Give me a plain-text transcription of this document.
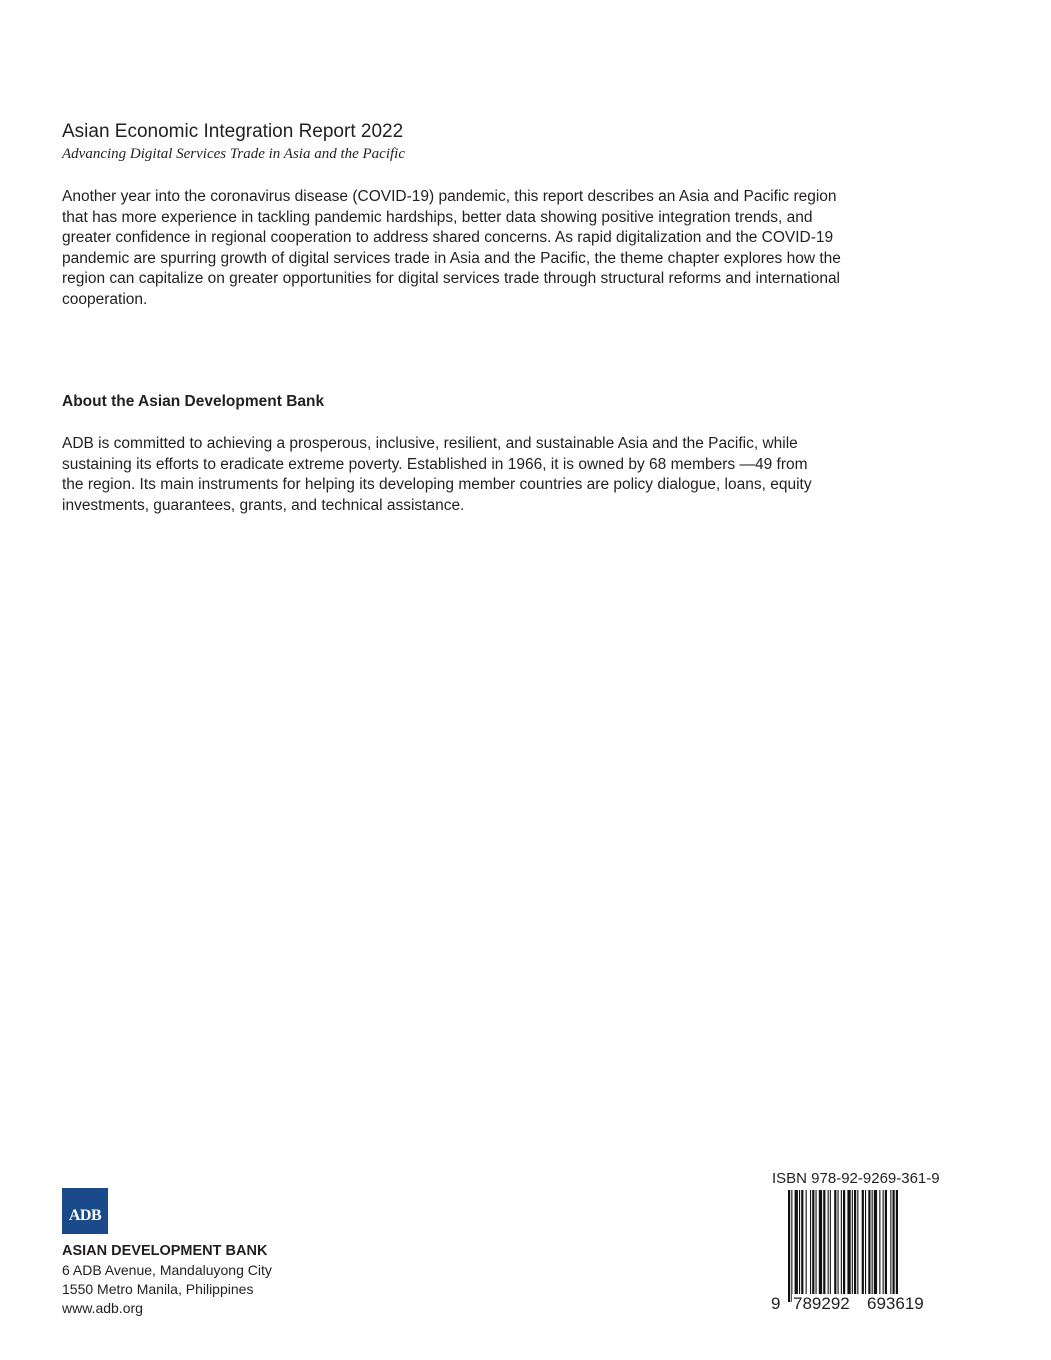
Asian Economic Integration Report 2022
Advancing Digital Services Trade in Asia and the Pacific
Another year into the coronavirus disease (COVID-19) pandemic, this report describes an Asia and Pacific region that has more experience in tackling pandemic hardships, better data showing positive integration trends, and greater confidence in regional cooperation to address shared concerns. As rapid digitalization and the COVID-19 pandemic are spurring growth of digital services trade in Asia and the Pacific, the theme chapter explores how the region can capitalize on greater opportunities for digital services trade through structural reforms and international cooperation.
About the Asian Development Bank
ADB is committed to achieving a prosperous, inclusive, resilient, and sustainable Asia and the Pacific, while sustaining its efforts to eradicate extreme poverty. Established in 1966, it is owned by 68 members —49 from the region. Its main instruments for helping its developing member countries are policy dialogue, loans, equity investments, guarantees, grants, and technical assistance.
ADB
ASIAN DEVELOPMENT BANK
6 ADB Avenue, Mandaluyong City
1550 Metro Manila, Philippines
www.adb.org
ISBN 978-92-9269-361-9
9 789292 693619
